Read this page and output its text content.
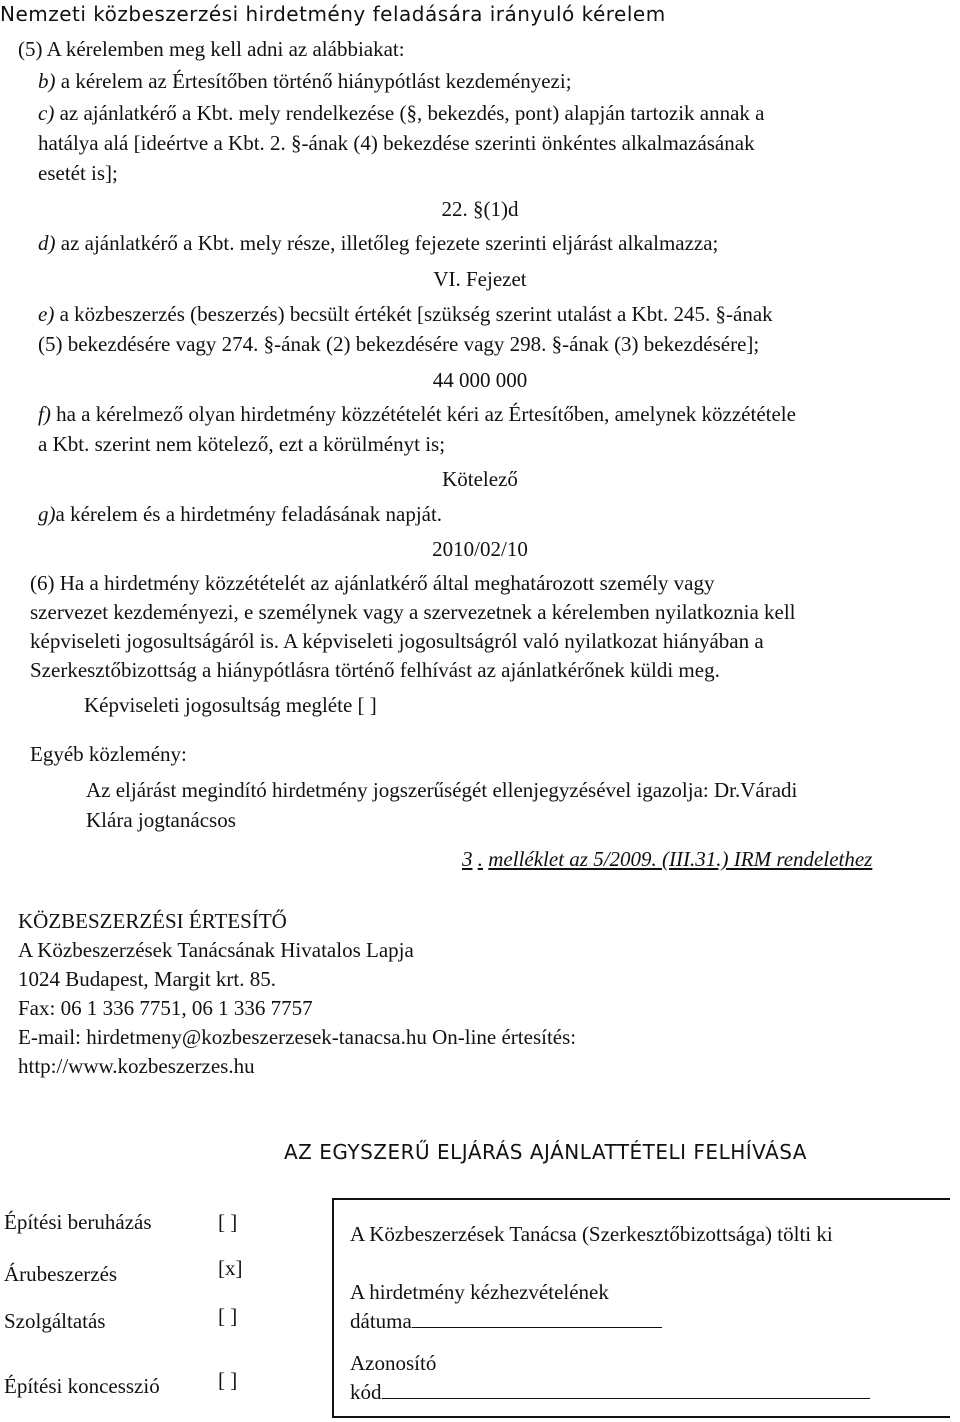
Nemzeti közbeszerzési hirdetmény feladására irányuló kérelem
(5) A kérelemben meg kell adni az alábbiakat:
b) a kérelem az Értesítőben történő hiánypótlást kezdeményezi;
c) az ajánlatkérő a Kbt. mely rendelkezése (§, bekezdés, pont) alapján tartozik annak a
hatálya alá [ideértve a Kbt. 2. §-ának (4) bekezdése szerinti önkéntes alkalmazásának
esetét is];
22. §(1)d
d) az ajánlatkérő a Kbt. mely része, illetőleg fejezete szerinti eljárást alkalmazza;
VI. Fejezet
e) a közbeszerzés (beszerzés) becsült értékét [szükség szerint utalást a Kbt. 245. §-ának
(5) bekezdésére vagy 274. §-ának (2) bekezdésére vagy 298. §-ának (3) bekezdésére];
44 000 000
f) ha a kérelmező olyan hirdetmény közzétételét kéri az Értesítőben, amelynek közzététele
a Kbt. szerint nem kötelező, ezt a körülményt is;
Kötelező
g)a kérelem és a hirdetmény feladásának napját.
2010/02/10
(6) Ha a hirdetmény közzétételét az ajánlatkérő által meghatározott személy vagy
szervezet kezdeményezi, e személynek vagy a szervezetnek a kérelemben nyilatkoznia kell
képviseleti jogosultságáról is. A képviseleti jogosultságról való nyilatkozat hiányában a
Szerkesztőbizottság a hiánypótlásra történő felhívást az ajánlatkérőnek küldi meg.
Képviseleti jogosultság megléte [ ]
Egyéb közlemény:
Az eljárást megindító hirdetmény jogszerűségét ellenjegyzésével igazolja: Dr.Váradi
Klára jogtanácsos
3 . melléklet az 5/2009. (III.31.) IRM rendelethez
KÖZBESZERZÉSI ÉRTESÍTŐ
A Közbeszerzések Tanácsának Hivatalos Lapja
1024 Budapest, Margit krt. 85.
Fax: 06 1 336 7751, 06 1 336 7757
E-mail: hirdetmeny@kozbeszerzesek-tanacsa.hu On-line értesítés:
http://www.kozbeszerzes.hu
AZ EGYSZERŰ ELJÁRÁS AJÁNLATTÉTELI FELHÍVÁSA
Építési beruházás	[ ]
Árubeszerzés	[x]
Szolgáltatás	[ ]
Építési koncesszió	[ ]
A Közbeszerzések Tanácsa (Szerkesztőbizottsága) tölti ki
A hirdetmény kézhezvételének
dátuma
Azonosító
kód
